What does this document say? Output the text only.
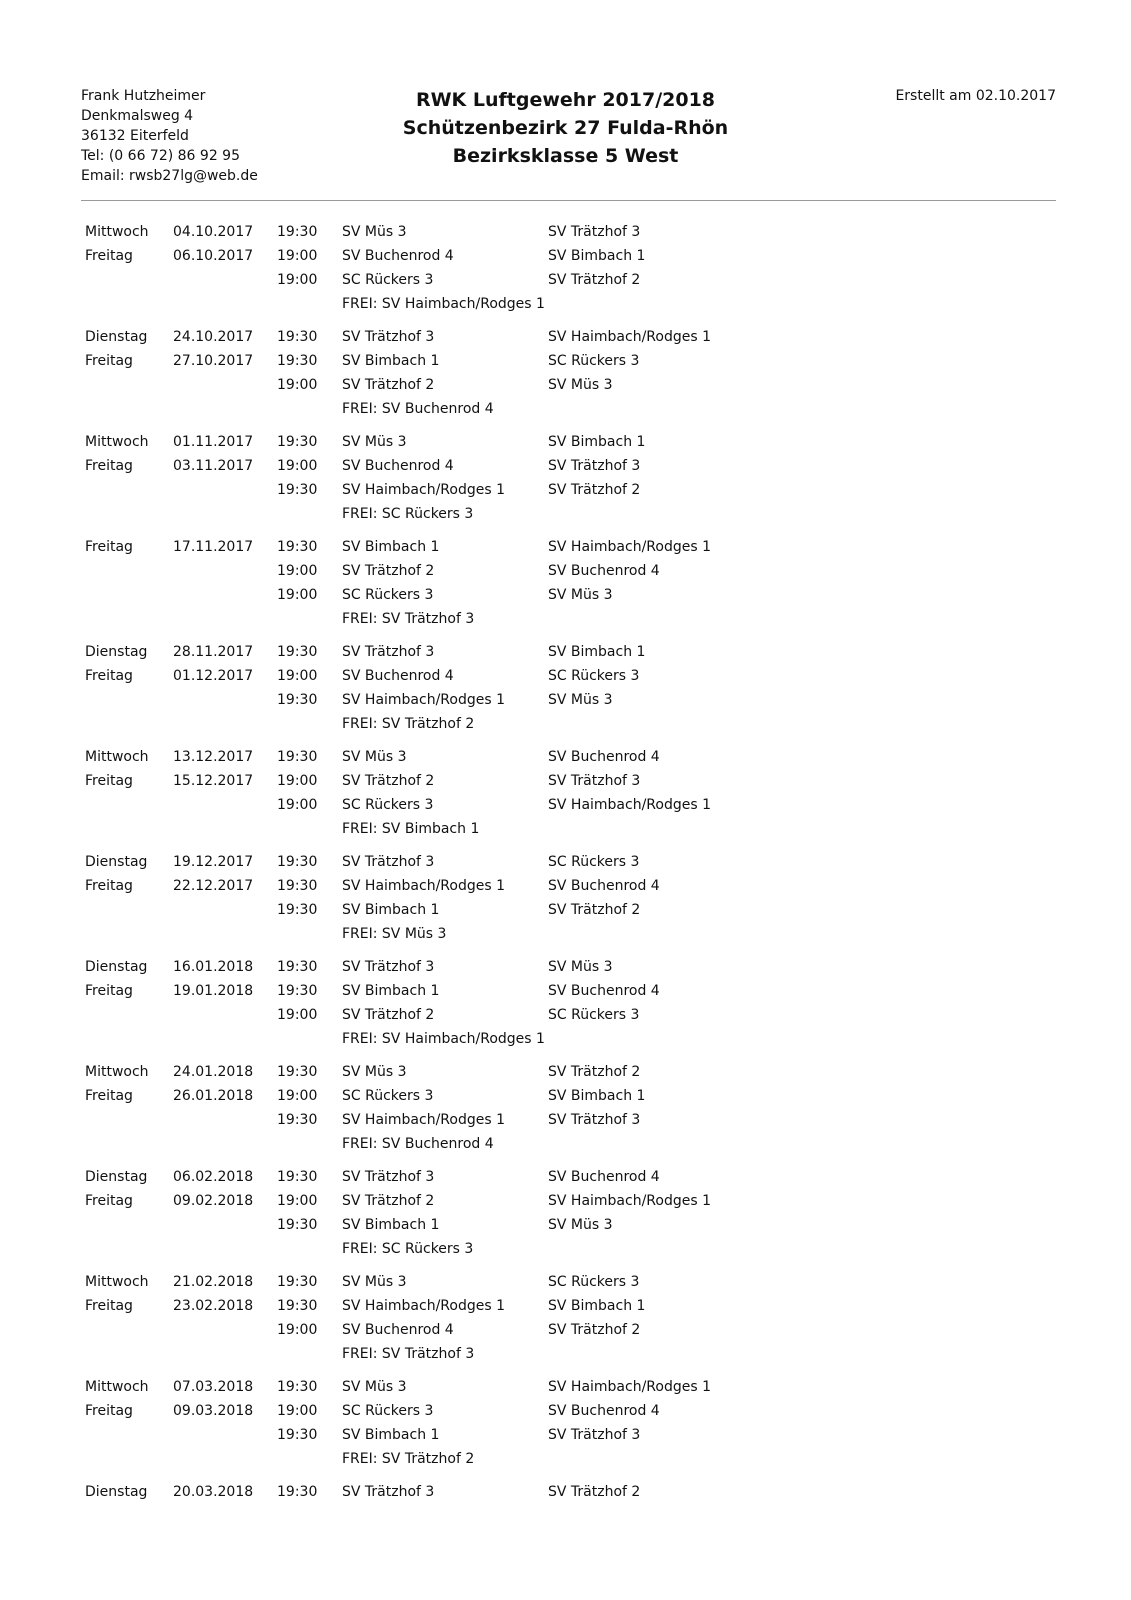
Frank Hutzheimer
Denkmalsweg 4
36132 Eiterfeld
Tel: (0 66 72) 86 92 95
Email: rwsb27lg@web.de
RWK Luftgewehr 2017/2018
Schützenbezirk 27 Fulda-Rhön
Bezirksklasse 5 West
Erstellt am 02.10.2017
Mittwoch 04.10.2017 19:30 SV Müs 3	SV Trätzhof 3
Freitag	06.10.2017 19:00 SV Buchenrod 4	SV Bimbach 1
19:00 SC Rückers 3	SV Trätzhof 2
FREI: SV Haimbach/Rodges 1
Dienstag 24.10.2017 19:30 SV Trätzhof 3	SV Haimbach/Rodges 1
Freitag	27.10.2017 19:30 SV Bimbach 1	SC Rückers 3
19:00 SV Trätzhof 2	SV Müs 3
FREI: SV Buchenrod 4
Mittwoch 01.11.2017 19:30 SV Müs 3	SV Bimbach 1
Freitag	03.11.2017 19:00 SV Buchenrod 4	SV Trätzhof 3
19:30 SV Haimbach/Rodges 1	SV Trätzhof 2
FREI: SC Rückers 3
Freitag	17.11.2017 19:30 SV Bimbach 1	SV Haimbach/Rodges 1
19:00 SV Trätzhof 2	SV Buchenrod 4
19:00 SC Rückers 3	SV Müs 3
FREI: SV Trätzhof 3
Dienstag 28.11.2017 19:30 SV Trätzhof 3	SV Bimbach 1
Freitag	01.12.2017 19:00 SV Buchenrod 4	SC Rückers 3
19:30 SV Haimbach/Rodges 1	SV Müs 3
FREI: SV Trätzhof 2
Mittwoch 13.12.2017 19:30 SV Müs 3	SV Buchenrod 4
Freitag	15.12.2017 19:00 SV Trätzhof 2	SV Trätzhof 3
19:00 SC Rückers 3	SV Haimbach/Rodges 1
FREI: SV Bimbach 1
Dienstag 19.12.2017 19:30 SV Trätzhof 3	SC Rückers 3
Freitag	22.12.2017 19:30 SV Haimbach/Rodges 1	SV Buchenrod 4
19:30 SV Bimbach 1	SV Trätzhof 2
FREI: SV Müs 3
Dienstag 16.01.2018 19:30 SV Trätzhof 3	SV Müs 3
Freitag	19.01.2018 19:30 SV Bimbach 1	SV Buchenrod 4
19:00 SV Trätzhof 2	SC Rückers 3
FREI: SV Haimbach/Rodges 1
Mittwoch 24.01.2018 19:30 SV Müs 3	SV Trätzhof 2
Freitag	26.01.2018 19:00 SC Rückers 3	SV Bimbach 1
19:30 SV Haimbach/Rodges 1	SV Trätzhof 3
FREI: SV Buchenrod 4
Dienstag 06.02.2018 19:30 SV Trätzhof 3	SV Buchenrod 4
Freitag	09.02.2018 19:00 SV Trätzhof 2	SV Haimbach/Rodges 1
19:30 SV Bimbach 1	SV Müs 3
FREI: SC Rückers 3
Mittwoch 21.02.2018 19:30 SV Müs 3	SC Rückers 3
Freitag	23.02.2018 19:30 SV Haimbach/Rodges 1	SV Bimbach 1
19:00 SV Buchenrod 4	SV Trätzhof 2
FREI: SV Trätzhof 3
Mittwoch 07.03.2018 19:30 SV Müs 3	SV Haimbach/Rodges 1
Freitag	09.03.2018 19:00 SC Rückers 3	SV Buchenrod 4
19:30 SV Bimbach 1	SV Trätzhof 3
FREI: SV Trätzhof 2
Dienstag 20.03.2018 19:30 SV Trätzhof 3	SV Trätzhof 2
